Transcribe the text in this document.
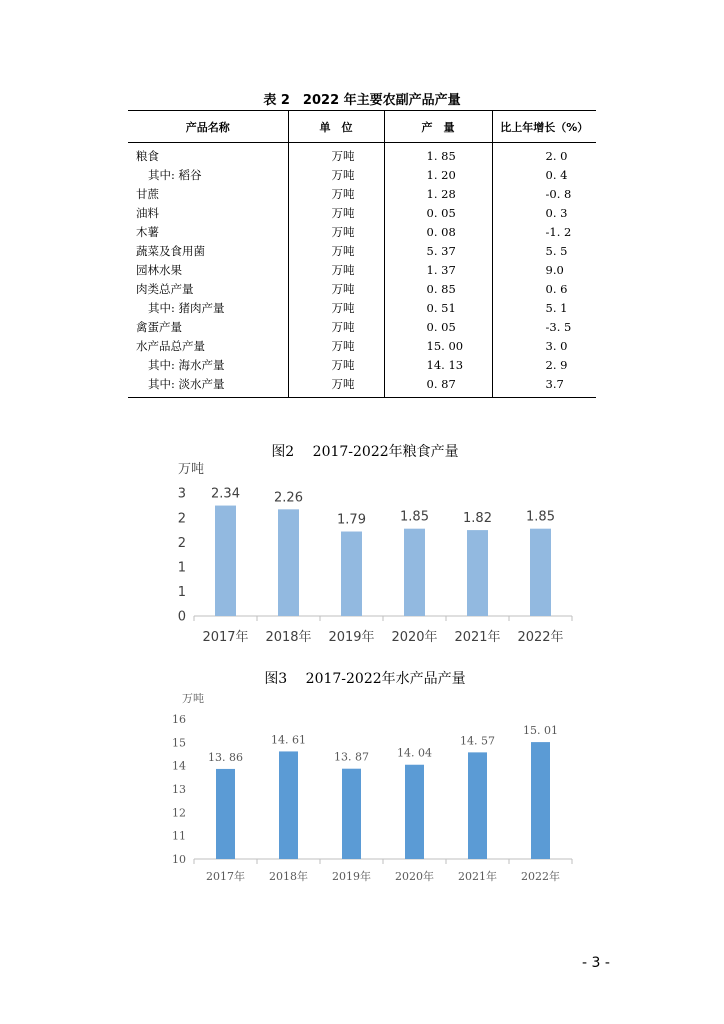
表 2　2022 年主要农副产品产量
产品名称	单　位	产　量	比上年增长（%）
粮食	万吨	1. 85	2. 0
其中: 稻谷	万吨	1. 20	0. 4
甘蔗	万吨	1. 28	-0. 8
油料	万吨	0. 05	0. 3
木薯	万吨	0. 08	-1. 2
蔬菜及食用菌	万吨	5. 37	5. 5
园林水果	万吨	1. 37	9.0
肉类总产量	万吨	0. 85	0. 6
其中: 猪肉产量	万吨	0. 51	5. 1
禽蛋产量	万吨	0. 05	-3. 5
水产品总产量	万吨	15. 00	3. 0
其中: 海水产量	万吨	14. 13	2. 9
其中: 淡水产量	万吨	0. 87	3.7
图2　 2017-2022年粮食产量
0
1
1
2
2
3
万吨
2.34
2017年
2.26
2018年
1.79
2019年
1.85
2020年
1.82
2021年
1.85
2022年
图3　 2017-2022年水产品产量
10
11
12
13
14
15
16
万吨
13. 86
2017年
14. 61
2018年
13. 87
2019年
14. 04
2020年
14. 57
2021年
15. 01
2022年
- 3 -
